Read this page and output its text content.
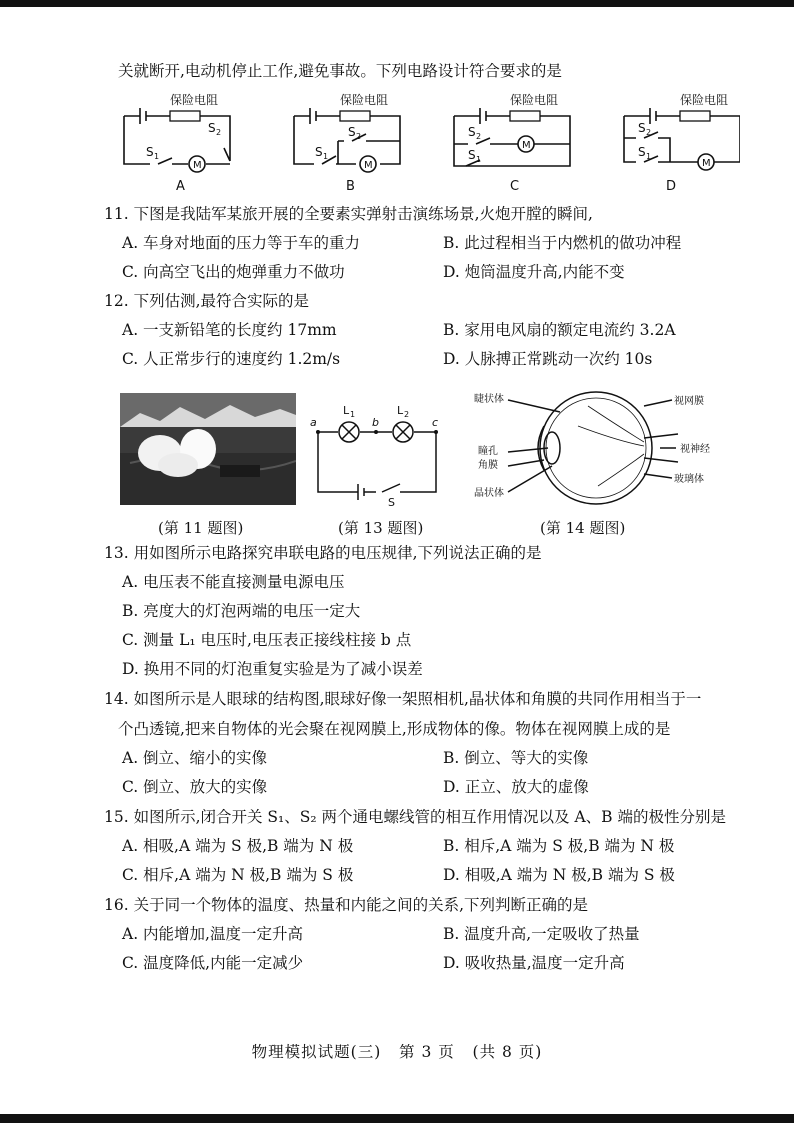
关就断开,电动机停止工作,避免事故。下列电路设计符合要求的是
保险电阻	保险电阻	保险电阻	保险电阻
S 2
S 1
S 2
S 1
S 2
S 1
S 2
S 1
M	M
M
M
A	B	C	D
11. 下图是我陆军某旅开展的全要素实弹射击演练场景,火炮开膛的瞬间,
A. 车身对地面的压力等于车的重力	B. 此过程相当于内燃机的做功冲程
C. 向高空飞出的炮弹重力不做功	D. 炮筒温度升高,内能不变
12. 下列估测,最符合实际的是
A. 一支新铅笔的长度约 17mm	B. 家用电风扇的额定电流约 3.2A
C. 人正常步行的速度约 1.2m/s	D. 人脉搏正常跳动一次约 10s
a	b	c
L 1	L 2
S
睫状体
瞳孔
角膜
晶状体
视网膜
视神经
玻璃体
(第 11 题图)	(第 13 题图)	(第 14 题图)
13. 用如图所示电路探究串联电路的电压规律,下列说法正确的是
A. 电压表不能直接测量电源电压
B. 亮度大的灯泡两端的电压一定大
C. 测量 L₁ 电压时,电压表正接线柱接 b 点
D. 换用不同的灯泡重复实验是为了减小误差
14. 如图所示是人眼球的结构图,眼球好像一架照相机,晶状体和角膜的共同作用相当于一
个凸透镜,把来自物体的光会聚在视网膜上,形成物体的像。物体在视网膜上成的是
A. 倒立、缩小的实像	B. 倒立、等大的实像
C. 倒立、放大的实像	D. 正立、放大的虚像
15. 如图所示,闭合开关 S₁、S₂ 两个通电螺线管的相互作用情况以及 A、B 端的极性分别是
A. 相吸,A 端为 S 极,B 端为 N 极	B. 相斥,A 端为 S 极,B 端为 N 极
C. 相斥,A 端为 N 极,B 端为 S 极	D. 相吸,A 端为 N 极,B 端为 S 极
16. 关于同一个物体的温度、热量和内能之间的关系,下列判断正确的是
A. 内能增加,温度一定升高	B. 温度升高,一定吸收了热量
C. 温度降低,内能一定减少	D. 吸收热量,温度一定升高
物理模拟试题(三)   第 3 页   (共 8 页)
